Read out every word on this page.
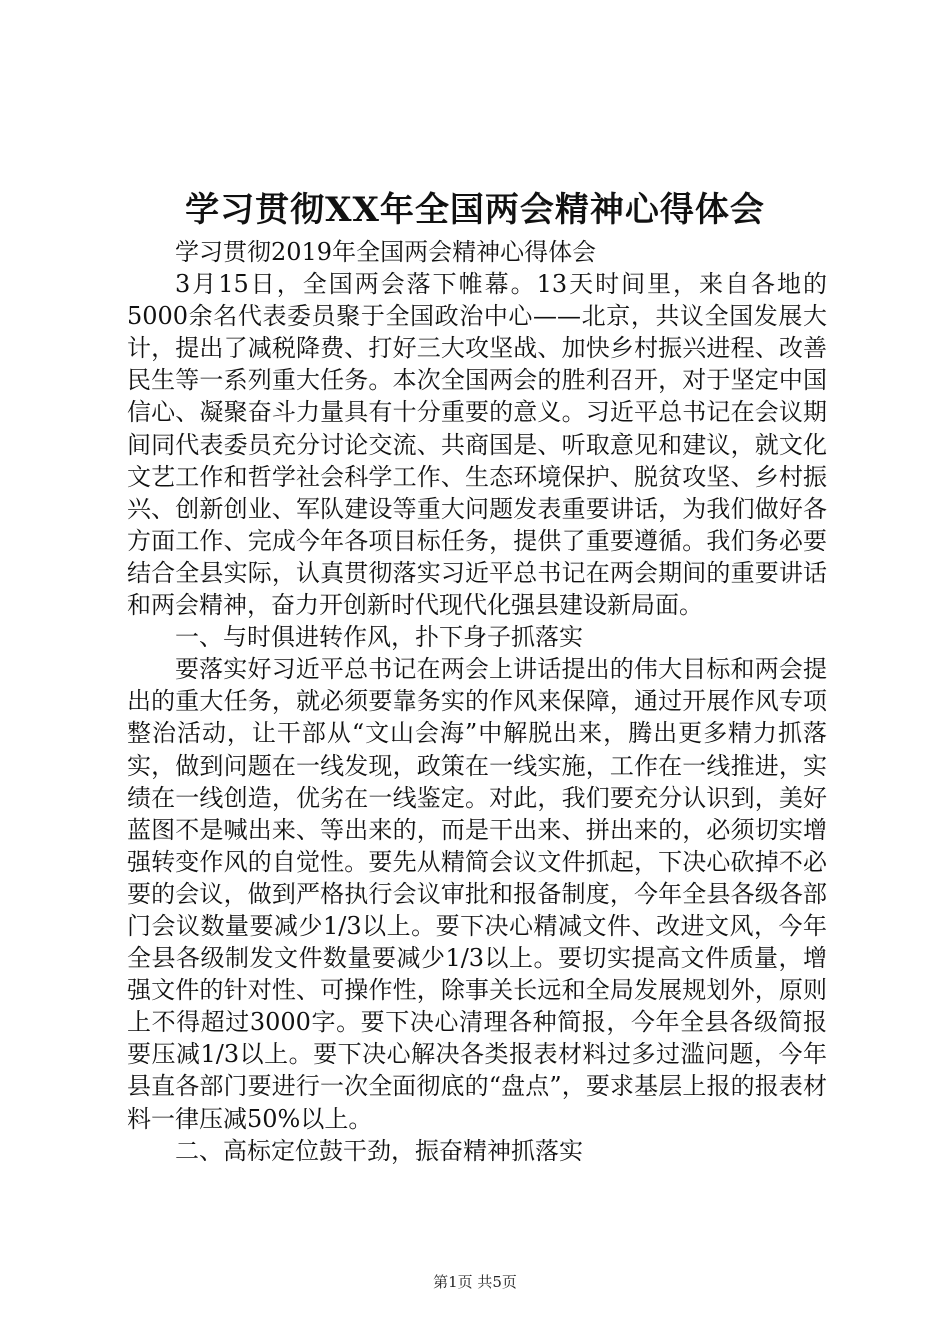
学习贯彻XX年全国两会精神心得体会

学习贯彻2019年全国两会精神心得体会

3月15日，全国两会落下帷幕。13天时间里，来自各地的5000余名代表委员聚于全国政治中心——北京，共议全国发展大计，提出了减税降费、打好三大攻坚战、加快乡村振兴进程、改善民生等一系列重大任务。本次全国两会的胜利召开，对于坚定中国信心、凝聚奋斗力量具有十分重要的意义。习近平总书记在会议期间同代表委员充分讨论交流、共商国是、听取意见和建议，就文化文艺工作和哲学社会科学工作、生态环境保护、脱贫攻坚、乡村振兴、创新创业、军队建设等重大问题发表重要讲话，为我们做好各方面工作、完成今年各项目标任务，提供了重要遵循。我们务必要结合全县实际，认真贯彻落实习近平总书记在两会期间的重要讲话和两会精神，奋力开创新时代现代化强县建设新局面。

一、与时俱进转作风，扑下身子抓落实

要落实好习近平总书记在两会上讲话提出的伟大目标和两会提出的重大任务，就必须要靠务实的作风来保障，通过开展作风专项整治活动，让干部从“文山会海”中解脱出来，腾出更多精力抓落实，做到问题在一线发现，政策在一线实施，工作在一线推进，实绩在一线创造，优劣在一线鉴定。对此，我们要充分认识到，美好蓝图不是喊出来、等出来的，而是干出来、拼出来的，必须切实增强转变作风的自觉性。要先从精简会议文件抓起，下决心砍掉不必要的会议，做到严格执行会议审批和报备制度，今年全县各级各部门会议数量要减少1/3以上。要下决心精减文件、改进文风，今年全县各级制发文件数量要减少1/3以上。要切实提高文件质量，增强文件的针对性、可操作性，除事关长远和全局发展规划外，原则上不得超过3000字。要下决心清理各种简报，今年全县各级简报要压减1/3以上。要下决心解决各类报表材料过多过滥问题，今年县直各部门要进行一次全面彻底的“盘点”，要求基层上报的报表材料一律压减50%以上。

二、高标定位鼓干劲，振奋精神抓落实

第1页 共5页
